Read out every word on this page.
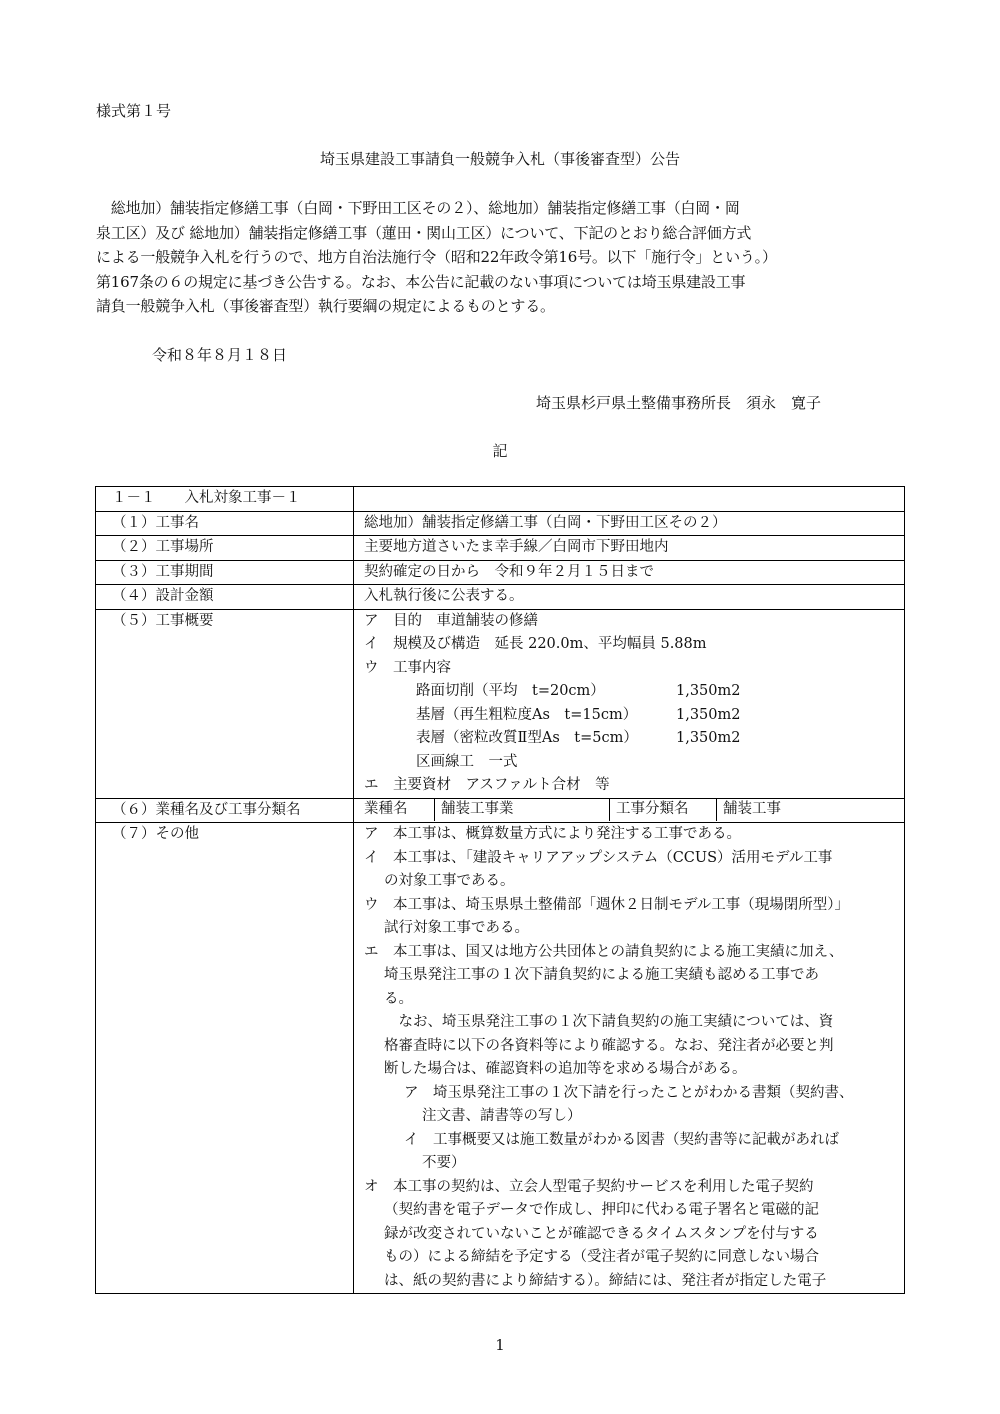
様式第１号
埼玉県建設工事請負一般競争入札（事後審査型）公告
　総地加）舗装指定修繕工事（白岡・下野田工区その２）、総地加）舗装指定修繕工事（白岡・岡
泉工区）及び 総地加）舗装指定修繕工事（蓮田・関山工区）について、下記のとおり総合評価方式
による一般競争入札を行うので、地方自治法施行令（昭和22年政令第16号。以下「施行令」という。）
第167条の６の規定に基づき公告する。なお、本公告に記載のない事項については埼玉県建設工事
請負一般競争入札（事後審査型）執行要綱の規定によるものとする。
令和８年８月１８日
埼玉県杉戸県土整備事務所長　須永　寛子
記
１－１　　入札対象工事－１	
（１）工事名	総地加）舗装指定修繕工事（白岡・下野田工区その２）
（２）工事場所	主要地方道さいたま幸手線／白岡市下野田地内
（３）工事期間	契約確定の日から　令和９年２月１５日まで
（４）設計金額	入札執行後に公表する。
（５）工事概要	ア　目的　車道舗装の修繕
イ　規模及び構造　延長 220.0m、平均幅員 5.88m
ウ　工事内容
路面切削（平均　t=20cm）	1,350m2
基層（再生粗粒度As　t=15cm）	1,350m2
表層（密粒改質Ⅱ型As　t=5cm）	1,350m2
区画線工　一式
エ　主要資材　アスファルト合材　等

（６）業種名及び工事分類名		業種名	舗装工事業	工事分類名	舗装工事

（７）その他	ア　本工事は、概算数量方式により発注する工事である。
イ　本工事は、「建設キャリアアップシステム（CCUS）活用モデル工事
の対象工事である。
ウ　本工事は、埼玉県県土整備部「週休２日制モデル工事（現場閉所型）」
試行対象工事である。
エ　本工事は、国又は地方公共団体との請負契約による施工実績に加え、
埼玉県発注工事の１次下請負契約による施工実績も認める工事であ
る。
　なお、埼玉県発注工事の１次下請負契約の施工実績については、資
格審査時に以下の各資料等により確認する。なお、発注者が必要と判
断した場合は、確認資料の追加等を求める場合がある。
ア　埼玉県発注工事の１次下請を行ったことがわかる書類（契約書、
注文書、請書等の写し）
イ　工事概要又は施工数量がわかる図書（契約書等に記載があれば
不要）
オ　本工事の契約は、立会人型電子契約サービスを利用した電子契約
（契約書を電子データで作成し、押印に代わる電子署名と電磁的記
録が改変されていないことが確認できるタイムスタンプを付与する
もの）による締結を予定する（受注者が電子契約に同意しない場合
は、紙の契約書により締結する）。締結には、発注者が指定した電子
1
